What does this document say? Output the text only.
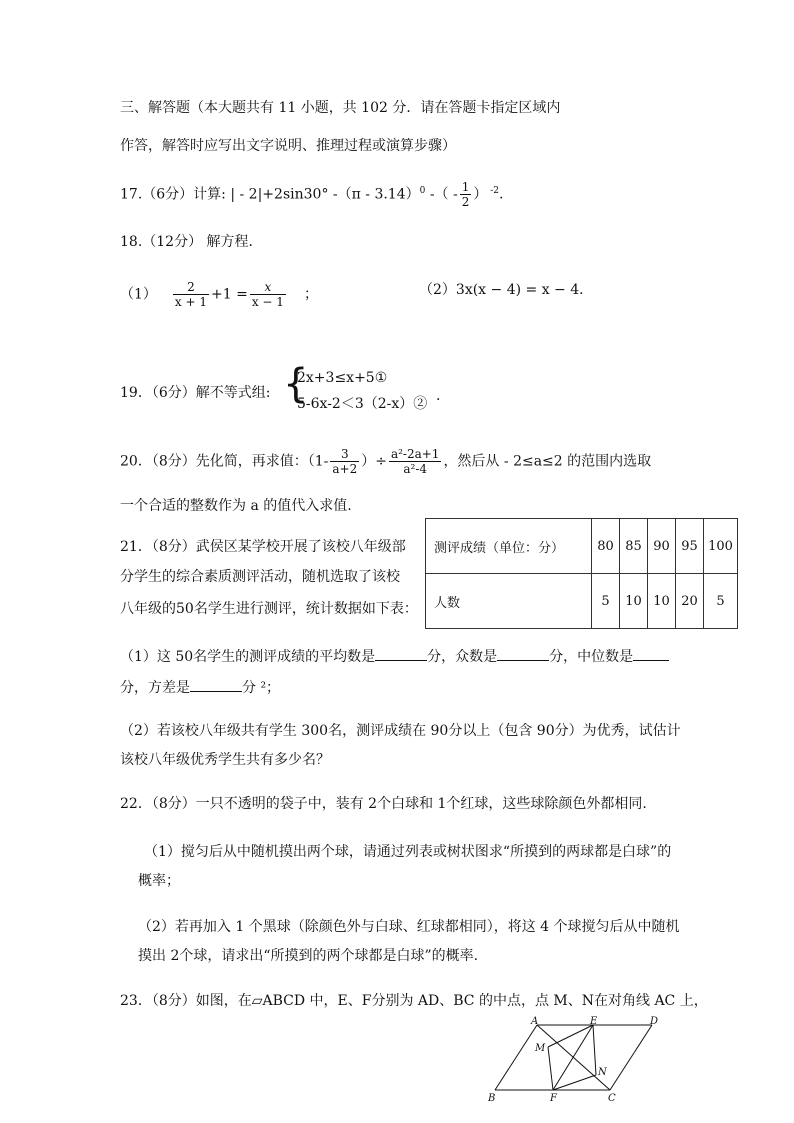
三、解答题（本大题共有 11 小题，共 102 分．请在答题卡指定区域内
作答，解答时应写出文字说明、推理过程或演算步骤）
17.（6分）计算: | - 2|+2sin30° -（π - 3.14）$^0$ -（ - $\frac{1}{2}$ ） $^{-2}$.
18.（12分） 解方程．
$(1) \frac{2}{x + 1} +1 = \frac{x}{x - 1}$ ；	（2）3x(x − 4) = x − 4．
19．（6分）解不等式组: {
2x+3≤x+5①
5-6x-2＜3（2-x）② .
20．（8分）先化简，再求值：（$1- \frac{3}{a+2}$ ）÷ $\frac{\text{a²-2a+1}}{\text{a²-4}}$ ，然后从 - 2≤a≤2 的范围内选取
一个合适的整数作为 a 的值代入求值.
21．（8分）武侯区某学校开展了该校八年级部
分学生的综合素质测评活动，随机选取了该校
八年级的50名学生进行测评，统计数据如下表：
测评成绩（单位：分）	80	85	90	95	100
人数	5	10	10	20	5
（1）这 50名学生的测评成绩的平均数是	分，众数是	分，中位数是
分，方差是	分 ²；
（2）若该校八年级共有学生 300名，测评成绩在 90分以上（包含 90分）为优秀，试估计
该校八年级优秀学生共有多少名？
22．（8分）一只不透明的袋子中，装有 2个白球和 1个红球，这些球除颜色外都相同.
（1）搅匀后从中随机摸出两个球，请通过列表或树状图求“所摸到的两球都是白球”的
概率；
（2）若再加入 1 个黑球（除颜色外与白球、红球都相同），将这 4 个球搅匀后从中随机
摸出 2个球，请求出“所摸到的两个球都是白球”的概率.
23．（8分）如图，在▱ABCD 中，E、F分别为 AD、BC 的中点，点 M、N在对角线 AC 上，
A	E	D
M
N
B	F	C
